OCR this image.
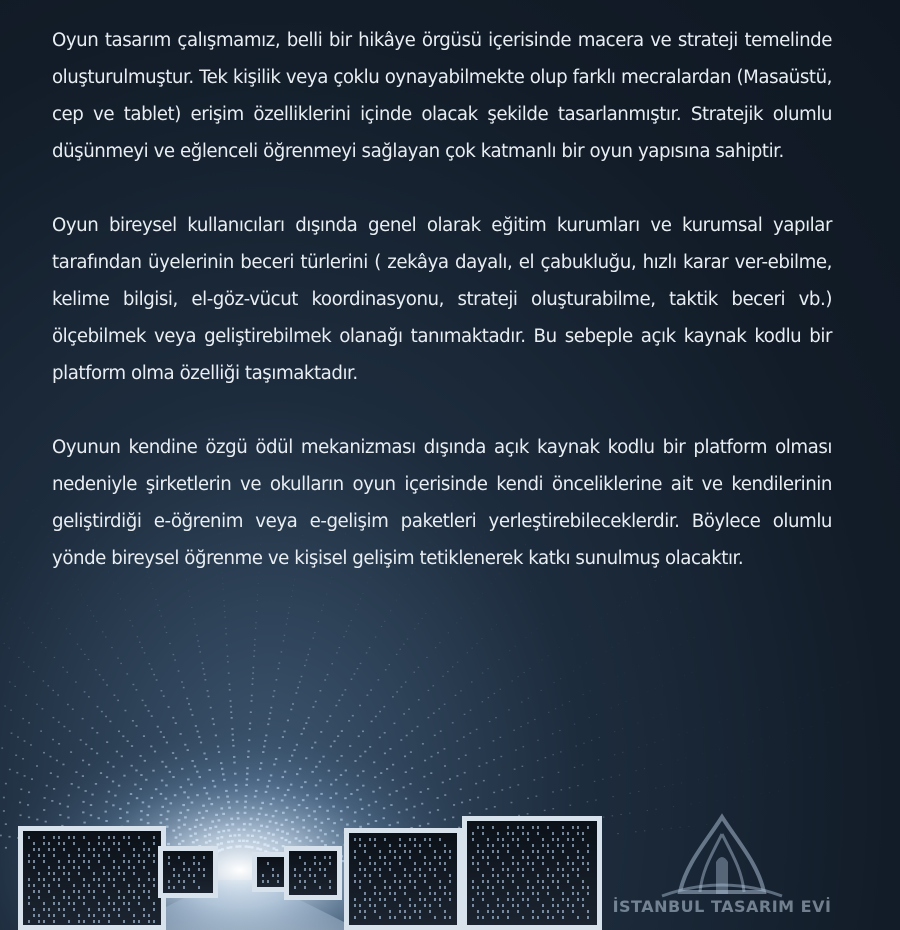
Oyun tasarım çalışmamız, belli bir hikâye örgüsü içerisinde macera ve strateji temelinde oluşturulmuştur. Tek kişilik veya çoklu oynayabilmekte olup farklı mecralardan (Masaüstü, cep ve tablet) erişim özelliklerini içinde olacak şekilde tasarlanmıştır. Stratejik olumlu düşünmeyi ve eğlenceli öğrenmeyi sağlayan çok katmanlı bir oyun yapısına sahiptir.

Oyun bireysel kullanıcıları dışında genel olarak eğitim kurumları ve kurumsal yapılar tarafından üyelerinin beceri türlerini ( zekâya dayalı, el çabukluğu, hızlı karar ver-ebilme, kelime bilgisi, el-göz-vücut koordinasyonu, strateji oluşturabilme, taktik beceri vb.) ölçebilmek veya geliştirebilmek olanağı tanımaktadır. Bu sebeple açık kaynak kodlu bir platform olma özelliği taşımaktadır.

Oyunun kendine özgü ödül mekanizması dışında açık kaynak kodlu bir platform olması nedeniyle şirketlerin ve okulların oyun içerisinde kendi önceliklerine ait ve kendilerinin geliştirdiği e-öğrenim veya e-gelişim paketleri yerleştirebileceklerdir. Böylece olumlu yönde bireysel öğrenme ve kişisel gelişim tetiklenerek katkı sunulmuş olacaktır.

İSTANBUL TASARIM EVİ
